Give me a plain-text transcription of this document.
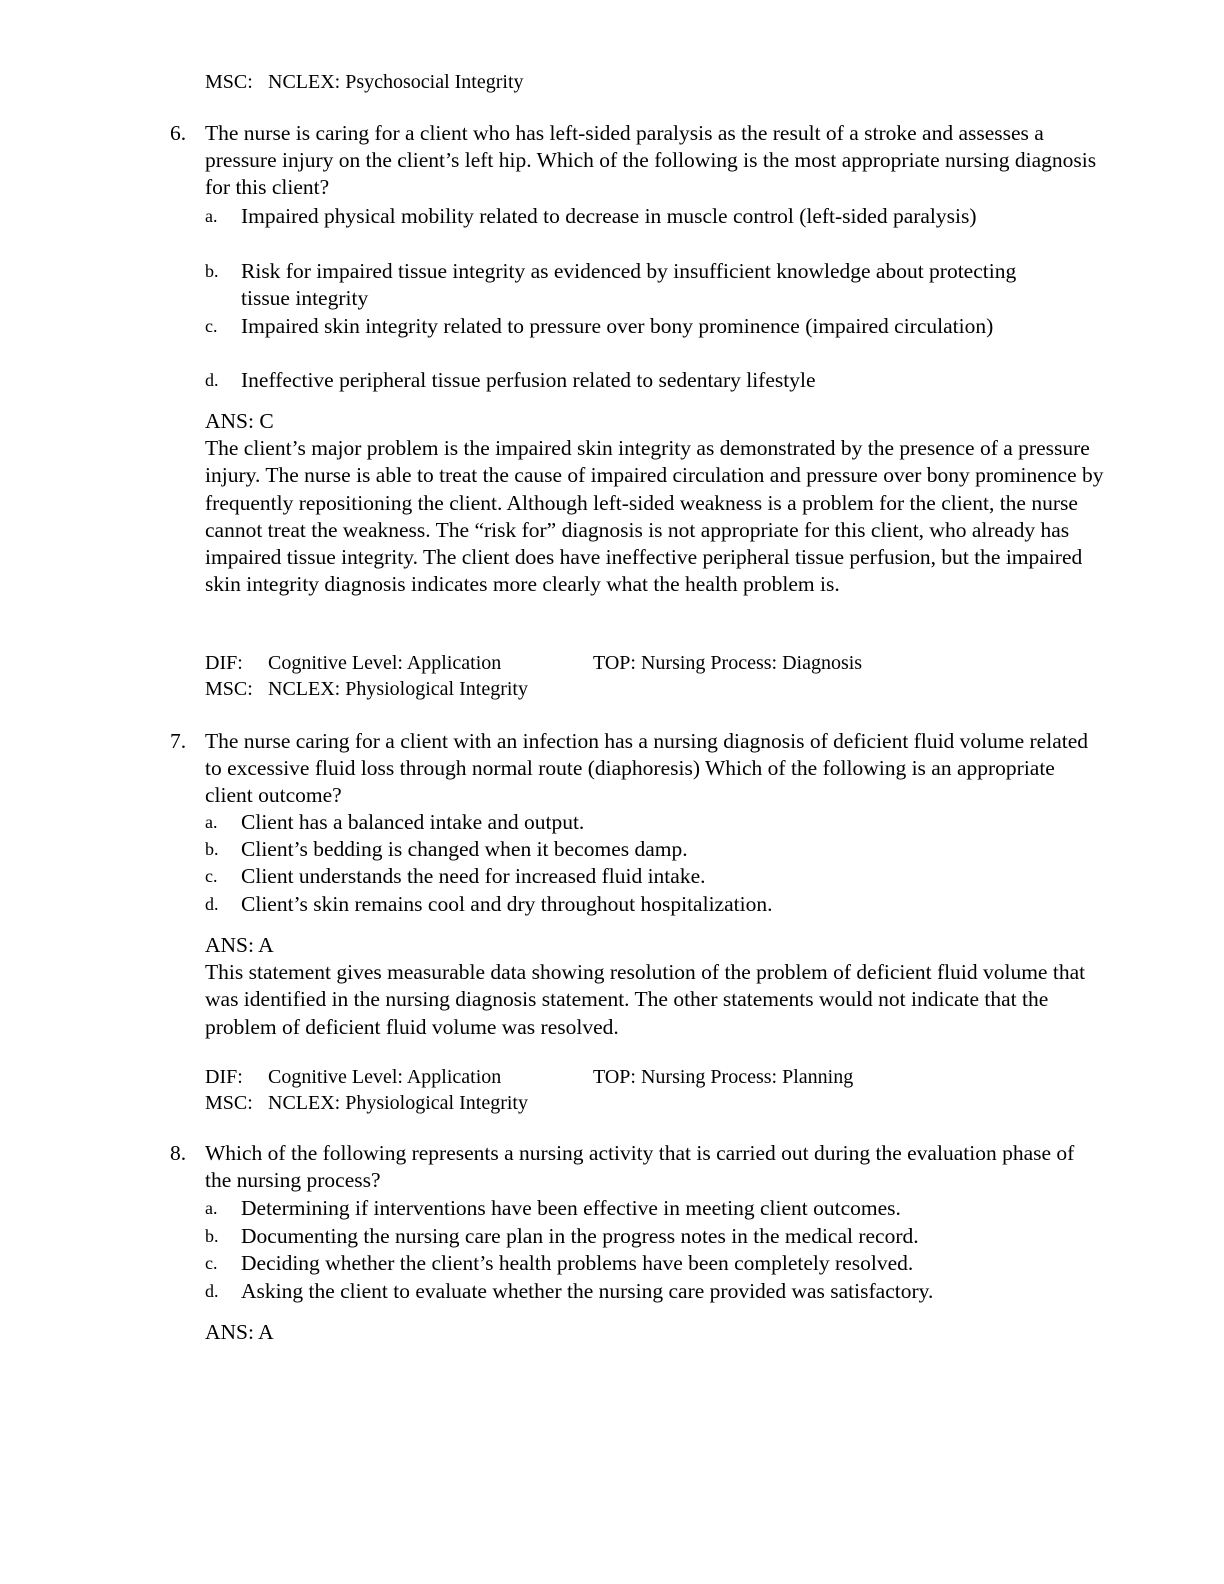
MSC: NCLEX: Psychosocial Integrity
6. The nurse is caring for a client who has left-sided paralysis as the result of a stroke and assesses a pressure injury on the client’s left hip. Which of the following is the most appropriate nursing diagnosis for this client?
a. Impaired physical mobility related to decrease in muscle control (left-sided paralysis)
b. Risk for impaired tissue integrity as evidenced by insufficient knowledge about protecting tissue integrity
c. Impaired skin integrity related to pressure over bony prominence (impaired circulation)
d. Ineffective peripheral tissue perfusion related to sedentary lifestyle
ANS: C
The client’s major problem is the impaired skin integrity as demonstrated by the presence of a pressure injury. The nurse is able to treat the cause of impaired circulation and pressure over bony prominence by frequently repositioning the client. Although left-sided weakness is a problem for the client, the nurse cannot treat the weakness. The “risk for” diagnosis is not appropriate for this client, who already has impaired tissue integrity. The client does have ineffective peripheral tissue perfusion, but the impaired skin integrity diagnosis indicates more clearly what the health problem is.
DIF: Cognitive Level: Application	TOP: Nursing Process: Diagnosis
MSC: NCLEX: Physiological Integrity
7. The nurse caring for a client with an infection has a nursing diagnosis of deficient fluid volume related to excessive fluid loss through normal route (diaphoresis) Which of the following is an appropriate client outcome?
a. Client has a balanced intake and output.
b. Client’s bedding is changed when it becomes damp.
c. Client understands the need for increased fluid intake.
d. Client’s skin remains cool and dry throughout hospitalization.
ANS: A
This statement gives measurable data showing resolution of the problem of deficient fluid volume that was identified in the nursing diagnosis statement. The other statements would not indicate that the problem of deficient fluid volume was resolved.
DIF: Cognitive Level: Application	TOP: Nursing Process: Planning
MSC: NCLEX: Physiological Integrity
8. Which of the following represents a nursing activity that is carried out during the evaluation phase of the nursing process?
a. Determining if interventions have been effective in meeting client outcomes.
b. Documenting the nursing care plan in the progress notes in the medical record.
c. Deciding whether the client’s health problems have been completely resolved.
d. Asking the client to evaluate whether the nursing care provided was satisfactory.
ANS: A
